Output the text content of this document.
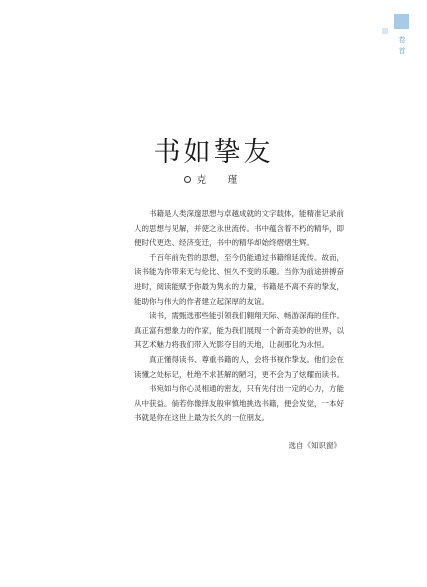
卷首
书如挚友
克　瑾

书籍是人类深邃思想与卓越成就的文字载体，能精准记录前人的思想与见解，并使之永世流传。书中蕴含着不朽的精华，即便时代更迭、经济变迁，书中的精华却始终熠熠生辉。

千百年前先哲的思想，至今仍能通过书籍绵延流传。故而，读书能为你带来无与伦比、恒久不变的乐趣。当你为前途拼搏奋进时，阅读能赋予你最为隽永的力量，书籍是不离不弃的挚友，能助你与伟大的作者建立起深厚的友谊。

读书，需甄选那些能引领我们翱翔天际、畅游深海的佳作。真正富有想象力的作家，能为我们展现一个新奇美妙的世界，以其艺术魅力将我们带入光影夺目的天地，让刹那化为永恒。

真正懂得读书、尊重书籍的人，会将书视作挚友。他们会在读懂之处标记，杜绝不求甚解的陋习，更不会为了炫耀而读书。

书宛如与你心灵相通的密友，只有先付出一定的心力，方能从中获益。倘若你像择友般审慎地挑选书籍，便会发觉，一本好书就是你在这世上最为长久的一位朋友。

选自《知识窗》
